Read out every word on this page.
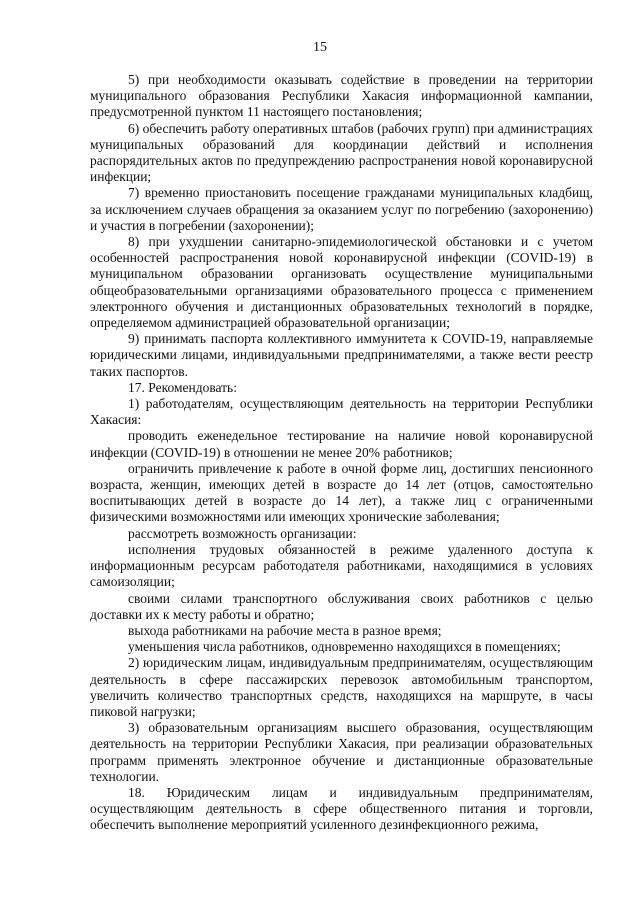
15

5) при необходимости оказывать содействие в проведении на территории муниципального образования Республики Хакасия информационной кампании, предусмотренной пунктом 11 настоящего постановления;

6) обеспечить работу оперативных штабов (рабочих групп) при администрациях муниципальных образований для координации действий и исполнения распорядительных актов по предупреждению распространения новой коронавирусной инфекции;

7) временно приостановить посещение гражданами муниципальных кладбищ, за исключением случаев обращения за оказанием услуг по погребению (захоронению) и участия в погребении (захоронении);

8) при ухудшении санитарно-эпидемиологической обстановки и с учетом особенностей распространения новой коронавирусной инфекции (COVID-19) в муниципальном образовании организовать осуществление муниципальными общеобразовательными организациями образовательного процесса с применением электронного обучения и дистанционных образовательных технологий в порядке, определяемом администрацией образовательной организации;

9) принимать паспорта коллективного иммунитета к COVID-19, направляемые юридическими лицами, индивидуальными предпринимателями, а также вести реестр таких паспортов.

17. Рекомендовать:

1) работодателям, осуществляющим деятельность на территории Республики Хакасия:

проводить еженедельное тестирование на наличие новой коронавирусной инфекции (COVID-19) в отношении не менее 20% работников;

ограничить привлечение к работе в очной форме лиц, достигших пенсионного возраста, женщин, имеющих детей в возрасте до 14 лет (отцов, самостоятельно воспитывающих детей в возрасте до 14 лет), а также лиц с ограниченными физическими возможностями или имеющих хронические заболевания;

рассмотреть возможность организации:

исполнения трудовых обязанностей в режиме удаленного доступа к информационным ресурсам работодателя работниками, находящимися в условиях самоизоляции;

своими силами транспортного обслуживания своих работников с целью доставки их к месту работы и обратно;

выхода работниками на рабочие места в разное время;

уменьшения числа работников, одновременно находящихся в помещениях;

2) юридическим лицам, индивидуальным предпринимателям, осуществляющим деятельность в сфере пассажирских перевозок автомобильным транспортом, увеличить количество транспортных средств, находящихся на маршруте, в часы пиковой нагрузки;

3) образовательным организациям высшего образования, осуществляющим деятельность на территории Республики Хакасия, при реализации образовательных программ применять электронное обучение и дистанционные образовательные технологии.

18. Юридическим лицам и индивидуальным предпринимателям, осуществляющим деятельность в сфере общественного питания и торговли, обеспечить выполнение мероприятий усиленного дезинфекционного режима,
